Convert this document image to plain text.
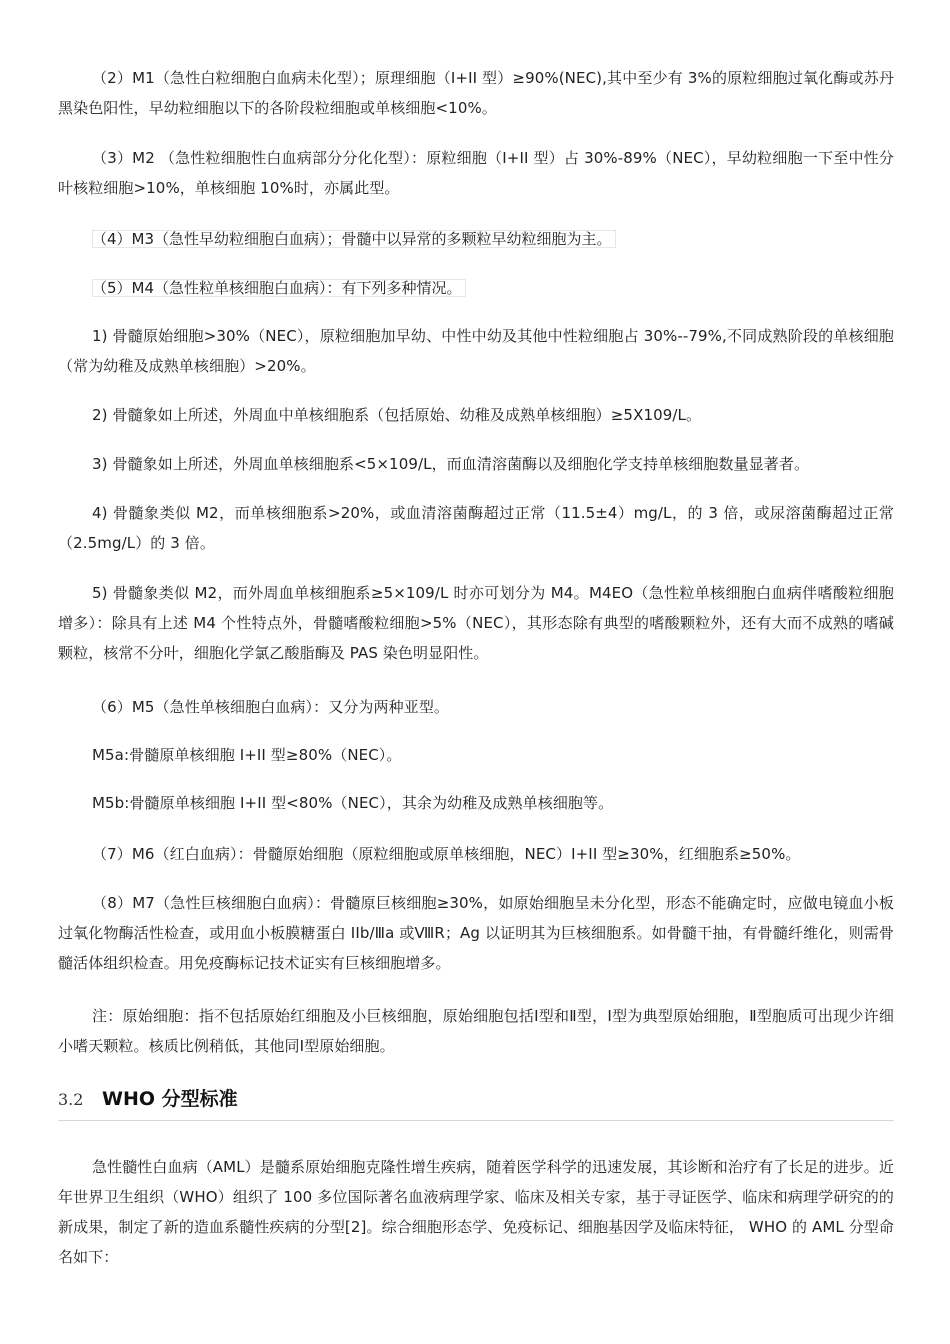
（2）M1（急性白粒细胞白血病未化型）；原理细胞（I+II 型）≥90%(NEC),其中至少有 3%的原粒细胞过氧化酶或苏丹黑染色阳性，早幼粒细胞以下的各阶段粒细胞或单核细胞<10%。
（3）M2 （急性粒细胞性白血病部分分化化型）：原粒细胞（I+II 型）占 30%-89%（NEC），早幼粒细胞一下至中性分叶核粒细胞>10%，单核细胞 10%时，亦属此型。
（4）M3（急性早幼粒细胞白血病）；骨髓中以异常的多颗粒早幼粒细胞为主。
（5）M4（急性粒单核细胞白血病）：有下列多种情况。
1) 骨髓原始细胞>30%（NEC），原粒细胞加早幼、中性中幼及其他中性粒细胞占 30%--79%,不同成熟阶段的单核细胞（常为幼稚及成熟单核细胞）>20%。
2) 骨髓象如上所述，外周血中单核细胞系（包括原始、幼稚及成熟单核细胞）≥5X109/L。
3) 骨髓象如上所述，外周血单核细胞系<5×109/L，而血清溶菌酶以及细胞化学支持单核细胞数量显著者。
4) 骨髓象类似 M2，而单核细胞系>20%，或血清溶菌酶超过正常（11.5±4）mg/L，的 3 倍，或尿溶菌酶超过正常（2.5mg/L）的 3 倍。
5) 骨髓象类似 M2，而外周血单核细胞系≥5×109/L 时亦可划分为 M4。M4EO（急性粒单核细胞白血病伴嗜酸粒细胞增多）：除具有上述 M4 个性特点外，骨髓嗜酸粒细胞>5%（NEC），其形态除有典型的嗜酸颗粒外，还有大而不成熟的嗜碱颗粒，核常不分叶，细胞化学氯乙酸脂酶及 PAS 染色明显阳性。
（6）M5（急性单核细胞白血病）：又分为两种亚型。
M5a:骨髓原单核细胞 I+II 型≥80%（NEC）。
M5b:骨髓原单核细胞 I+II 型<80%（NEC），其余为幼稚及成熟单核细胞等。
（7）M6（红白血病）：骨髓原始细胞（原粒细胞或原单核细胞，NEC）I+II 型≥30%，红细胞系≥50%。
（8）M7（急性巨核细胞白血病）：骨髓原巨核细胞≥30%，如原始细胞呈未分化型，形态不能确定时，应做电镜血小板过氧化物酶活性检查，或用血小板膜糖蛋白 IIb/Ⅲa 或ⅧR；Ag 以证明其为巨核细胞系。如骨髓干抽，有骨髓纤维化，则需骨髓活体组织检查。用免疫酶标记技术证实有巨核细胞增多。
注：原始细胞：指不包括原始红细胞及小巨核细胞，原始细胞包括Ⅰ型和Ⅱ型，Ⅰ型为典型原始细胞，Ⅱ型胞质可出现少许细小嗜天颗粒。核质比例稍低，其他同Ⅰ型原始细胞。
3.2 WHO 分型标准
急性髓性白血病（AML）是髓系原始细胞克隆性增生疾病，随着医学科学的迅速发展，其诊断和治疗有了长足的进步。近年世界卫生组织（WHO）组织了 100 多位国际著名血液病理学家、临床及相关专家，基于寻证医学、临床和病理学研究的的新成果，制定了新的造血系髓性疾病的分型[2]。综合细胞形态学、免疫标记、细胞基因学及临床特征， WHO 的 AML 分型命名如下：
